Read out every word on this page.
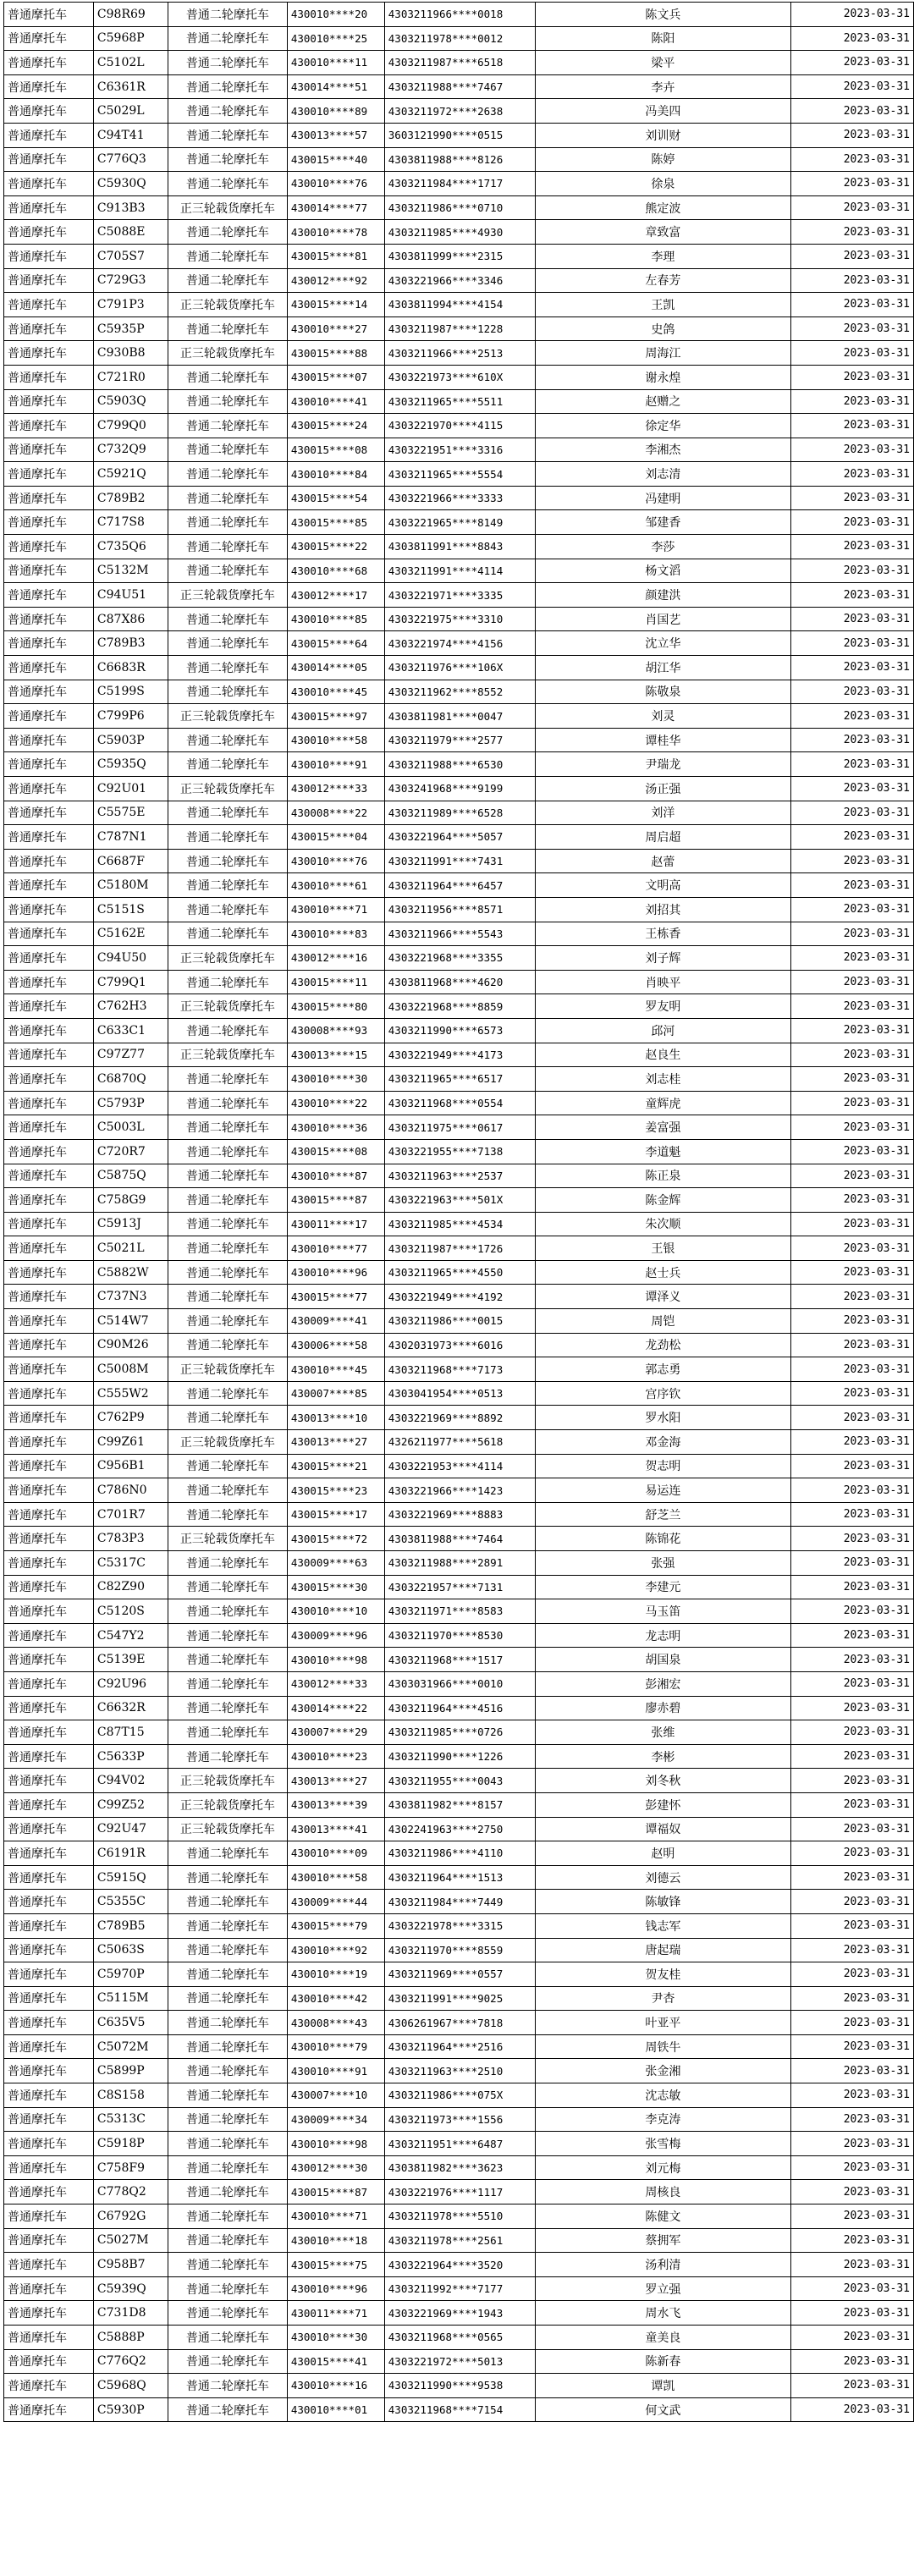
普通摩托车	C98R69	普通二轮摩托车	430010****20	4303211966****0018	陈文兵	2023-03-31
普通摩托车	C5968P	普通二轮摩托车	430010****25	4303211978****0012	陈阳	2023-03-31
普通摩托车	C5102L	普通二轮摩托车	430010****11	4303211987****6518	梁平	2023-03-31
普通摩托车	C6361R	普通二轮摩托车	430014****51	4303211988****7467	李卉	2023-03-31
普通摩托车	C5029L	普通二轮摩托车	430010****89	4303211972****2638	冯美四	2023-03-31
普通摩托车	C94T41	普通二轮摩托车	430013****57	3603121990****0515	刘训财	2023-03-31
普通摩托车	C776Q3	普通二轮摩托车	430015****40	4303811988****8126	陈婷	2023-03-31
普通摩托车	C5930Q	普通二轮摩托车	430010****76	4303211984****1717	徐泉	2023-03-31
普通摩托车	C913B3	正三轮载货摩托车	430014****77	4303211986****0710	熊定波	2023-03-31
普通摩托车	C5088E	普通二轮摩托车	430010****78	4303211985****4930	章致富	2023-03-31
普通摩托车	C705S7	普通二轮摩托车	430015****81	4303811999****2315	李理	2023-03-31
普通摩托车	C729G3	普通二轮摩托车	430012****92	4303221966****3346	左春芳	2023-03-31
普通摩托车	C791P3	正三轮载货摩托车	430015****14	4303811994****4154	王凯	2023-03-31
普通摩托车	C5935P	普通二轮摩托车	430010****27	4303211987****1228	史鸽	2023-03-31
普通摩托车	C930B8	正三轮载货摩托车	430015****88	4303211966****2513	周海江	2023-03-31
普通摩托车	C721R0	普通二轮摩托车	430015****07	4303221973****610X	谢永煌	2023-03-31
普通摩托车	C5903Q	普通二轮摩托车	430010****41	4303211965****5511	赵赠之	2023-03-31
普通摩托车	C799Q0	普通二轮摩托车	430015****24	4303221970****4115	徐定华	2023-03-31
普通摩托车	C732Q9	普通二轮摩托车	430015****08	4303221951****3316	李湘杰	2023-03-31
普通摩托车	C5921Q	普通二轮摩托车	430010****84	4303211965****5554	刘志清	2023-03-31
普通摩托车	C789B2	普通二轮摩托车	430015****54	4303221966****3333	冯建明	2023-03-31
普通摩托车	C717S8	普通二轮摩托车	430015****85	4303221965****8149	邹建香	2023-03-31
普通摩托车	C735Q6	普通二轮摩托车	430015****22	4303811991****8843	李莎	2023-03-31
普通摩托车	C5132M	普通二轮摩托车	430010****68	4303211991****4114	杨文滔	2023-03-31
普通摩托车	C94U51	正三轮载货摩托车	430012****17	4303221971****3335	颜建洪	2023-03-31
普通摩托车	C87X86	普通二轮摩托车	430010****85	4303221975****3310	肖国艺	2023-03-31
普通摩托车	C789B3	普通二轮摩托车	430015****64	4303221974****4156	沈立华	2023-03-31
普通摩托车	C6683R	普通二轮摩托车	430014****05	4303211976****106X	胡江华	2023-03-31
普通摩托车	C5199S	普通二轮摩托车	430010****45	4303211962****8552	陈敬泉	2023-03-31
普通摩托车	C799P6	正三轮载货摩托车	430015****97	4303811981****0047	刘灵	2023-03-31
普通摩托车	C5903P	普通二轮摩托车	430010****58	4303211979****2577	谭桂华	2023-03-31
普通摩托车	C5935Q	普通二轮摩托车	430010****91	4303211988****6530	尹瑞龙	2023-03-31
普通摩托车	C92U01	正三轮载货摩托车	430012****33	4303241968****9199	汤正强	2023-03-31
普通摩托车	C5575E	普通二轮摩托车	430008****22	4303211989****6528	刘洋	2023-03-31
普通摩托车	C787N1	普通二轮摩托车	430015****04	4303221964****5057	周启超	2023-03-31
普通摩托车	C6687F	普通二轮摩托车	430010****76	4303211991****7431	赵蕾	2023-03-31
普通摩托车	C5180M	普通二轮摩托车	430010****61	4303211964****6457	文明高	2023-03-31
普通摩托车	C5151S	普通二轮摩托车	430010****71	4303211956****8571	刘招其	2023-03-31
普通摩托车	C5162E	普通二轮摩托车	430010****83	4303211966****5543	王栋香	2023-03-31
普通摩托车	C94U50	正三轮载货摩托车	430012****16	4303221968****3355	刘子辉	2023-03-31
普通摩托车	C799Q1	普通二轮摩托车	430015****11	4303811968****4620	肖映平	2023-03-31
普通摩托车	C762H3	正三轮载货摩托车	430015****80	4303221968****8859	罗友明	2023-03-31
普通摩托车	C633C1	普通二轮摩托车	430008****93	4303211990****6573	邱河	2023-03-31
普通摩托车	C97Z77	正三轮载货摩托车	430013****15	4303221949****4173	赵良生	2023-03-31
普通摩托车	C6870Q	普通二轮摩托车	430010****30	4303211965****6517	刘志桂	2023-03-31
普通摩托车	C5793P	普通二轮摩托车	430010****22	4303211968****0554	童辉虎	2023-03-31
普通摩托车	C5003L	普通二轮摩托车	430010****36	4303211975****0617	姜富强	2023-03-31
普通摩托车	C720R7	普通二轮摩托车	430015****08	4303221955****7138	李道魁	2023-03-31
普通摩托车	C5875Q	普通二轮摩托车	430010****87	4303211963****2537	陈正泉	2023-03-31
普通摩托车	C758G9	普通二轮摩托车	430015****87	4303221963****501X	陈金辉	2023-03-31
普通摩托车	C5913J	普通二轮摩托车	430011****17	4303211985****4534	朱次顺	2023-03-31
普通摩托车	C5021L	普通二轮摩托车	430010****77	4303211987****1726	王银	2023-03-31
普通摩托车	C5882W	普通二轮摩托车	430010****96	4303211965****4550	赵士兵	2023-03-31
普通摩托车	C737N3	普通二轮摩托车	430015****77	4303221949****4192	谭泽义	2023-03-31
普通摩托车	C514W7	普通二轮摩托车	430009****41	4303211986****0015	周铠	2023-03-31
普通摩托车	C90M26	普通二轮摩托车	430006****58	4302031973****6016	龙劲松	2023-03-31
普通摩托车	C5008M	正三轮载货摩托车	430010****45	4303211968****7173	郭志勇	2023-03-31
普通摩托车	C555W2	普通二轮摩托车	430007****85	4303041954****0513	宫序钦	2023-03-31
普通摩托车	C762P9	普通二轮摩托车	430013****10	4303221969****8892	罗水阳	2023-03-31
普通摩托车	C99Z61	正三轮载货摩托车	430013****27	4326211977****5618	邓金海	2023-03-31
普通摩托车	C956B1	普通二轮摩托车	430015****21	4303221953****4114	贺志明	2023-03-31
普通摩托车	C786N0	普通二轮摩托车	430015****23	4303221966****1423	易运连	2023-03-31
普通摩托车	C701R7	普通二轮摩托车	430015****17	4303221969****8883	舒芝兰	2023-03-31
普通摩托车	C783P3	正三轮载货摩托车	430015****72	4303811988****7464	陈锦花	2023-03-31
普通摩托车	C5317C	普通二轮摩托车	430009****63	4303211988****2891	张强	2023-03-31
普通摩托车	C82Z90	普通二轮摩托车	430015****30	4303221957****7131	李建元	2023-03-31
普通摩托车	C5120S	普通二轮摩托车	430010****10	4303211971****8583	马玉笛	2023-03-31
普通摩托车	C547Y2	普通二轮摩托车	430009****96	4303211970****8530	龙志明	2023-03-31
普通摩托车	C5139E	普通二轮摩托车	430010****98	4303211968****1517	胡国泉	2023-03-31
普通摩托车	C92U96	普通二轮摩托车	430012****33	4303031966****0010	彭湘宏	2023-03-31
普通摩托车	C6632R	普通二轮摩托车	430014****22	4303211964****4516	廖赤碧	2023-03-31
普通摩托车	C87T15	普通二轮摩托车	430007****29	4303211985****0726	张维	2023-03-31
普通摩托车	C5633P	普通二轮摩托车	430010****23	4303211990****1226	李彬	2023-03-31
普通摩托车	C94V02	正三轮载货摩托车	430013****27	4303211955****0043	刘冬秋	2023-03-31
普通摩托车	C99Z52	正三轮载货摩托车	430013****39	4303811982****8157	彭建怀	2023-03-31
普通摩托车	C92U47	正三轮载货摩托车	430013****41	4302241963****2750	谭福奴	2023-03-31
普通摩托车	C6191R	普通二轮摩托车	430010****09	4303211986****4110	赵明	2023-03-31
普通摩托车	C5915Q	普通二轮摩托车	430010****58	4303211964****1513	刘德云	2023-03-31
普通摩托车	C5355C	普通二轮摩托车	430009****44	4303211984****7449	陈敏锋	2023-03-31
普通摩托车	C789B5	普通二轮摩托车	430015****79	4303221978****3315	钱志军	2023-03-31
普通摩托车	C5063S	普通二轮摩托车	430010****92	4303211970****8559	唐起瑞	2023-03-31
普通摩托车	C5970P	普通二轮摩托车	430010****19	4303211969****0557	贺友桂	2023-03-31
普通摩托车	C5115M	普通二轮摩托车	430010****42	4303211991****9025	尹杏	2023-03-31
普通摩托车	C635V5	普通二轮摩托车	430008****43	4306261967****7818	叶亚平	2023-03-31
普通摩托车	C5072M	普通二轮摩托车	430010****79	4303211964****2516	周铁牛	2023-03-31
普通摩托车	C5899P	普通二轮摩托车	430010****91	4303211963****2510	张金湘	2023-03-31
普通摩托车	C8S158	普通二轮摩托车	430007****10	4303211986****075X	沈志敏	2023-03-31
普通摩托车	C5313C	普通二轮摩托车	430009****34	4303211973****1556	李克涛	2023-03-31
普通摩托车	C5918P	普通二轮摩托车	430010****98	4303211951****6487	张雪梅	2023-03-31
普通摩托车	C758F9	普通二轮摩托车	430012****30	4303811982****3623	刘元梅	2023-03-31
普通摩托车	C778Q2	普通二轮摩托车	430015****87	4303221976****1117	周核良	2023-03-31
普通摩托车	C6792G	普通二轮摩托车	430010****71	4303211978****5510	陈健文	2023-03-31
普通摩托车	C5027M	普通二轮摩托车	430010****18	4303211978****2561	蔡拥军	2023-03-31
普通摩托车	C958B7	普通二轮摩托车	430015****75	4303221964****3520	汤利清	2023-03-31
普通摩托车	C5939Q	普通二轮摩托车	430010****96	4303211992****7177	罗立强	2023-03-31
普通摩托车	C731D8	普通二轮摩托车	430011****71	4303221969****1943	周水飞	2023-03-31
普通摩托车	C5888P	普通二轮摩托车	430010****30	4303211968****0565	童美良	2023-03-31
普通摩托车	C776Q2	普通二轮摩托车	430015****41	4303221972****5013	陈新春	2023-03-31
普通摩托车	C5968Q	普通二轮摩托车	430010****16	4303211990****9538	谭凯	2023-03-31
普通摩托车	C5930P	普通二轮摩托车	430010****01	4303211968****7154	何文武	2023-03-31
